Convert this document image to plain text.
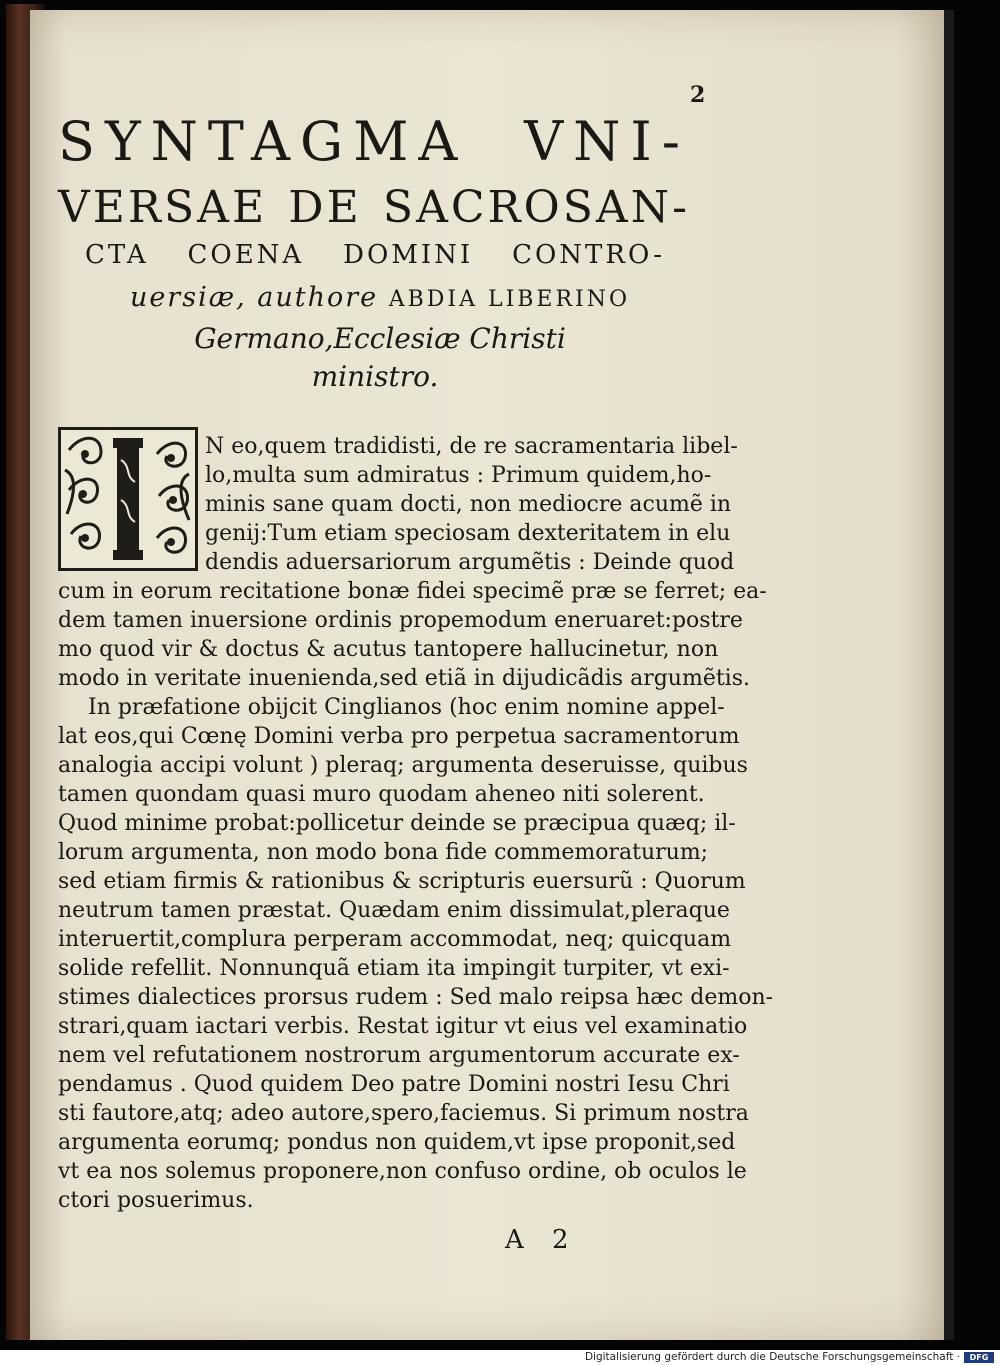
2
SYNTAGMA VNI-
VERSAE DE SACROSAN-
CTA COENA DOMINI CONTRO-
uersiæ, authore ABDIA LIBERINO
Germano,Ecclesiæ Christi
ministro.
N eo,quem tradidisti, de re sacramentaria libel-
lo,multa sum admiratus : Primum quidem,ho-
minis sane quam docti, non mediocre acumẽ in
genij:Tum etiam speciosam dexteritatem in elu
dendis aduersariorum argumẽtis : Deinde quod
cum in eorum recitatione bonæ fidei specimẽ præ se ferret; ea-
dem tamen inuersione ordinis propemodum eneruaret:postre
mo quod vir & doctus & acutus tantopere hallucinetur, non
modo in veritate inuenienda,sed etiã in dijudicãdis argumẽtis.
In præfatione obijcit Cinglianos (hoc enim nomine appel-
lat eos,qui Cœnę Domini verba pro perpetua sacramentorum
analogia accipi volunt ) pleraq; argumenta deseruisse, quibus
tamen quondam quasi muro quodam aheneo niti solerent.
Quod minime probat:pollicetur deinde se præcipua quæq; il-
lorum argumenta, non modo bona fide commemoraturum;
sed etiam firmis & rationibus & scripturis euersurũ : Quorum
neutrum tamen præstat. Quædam enim dissimulat,pleraque
interuertit,complura perperam accommodat, neq; quicquam
solide refellit. Nonnunquã etiam ita impingit turpiter, vt exi-
stimes dialectices prorsus rudem : Sed malo reipsa hæc demon-
strari,quam iactari verbis. Restat igitur vt eius vel examinatio
nem vel refutationem nostrorum argumentorum accurate ex-
pendamus . Quod quidem Deo patre Domini nostri Iesu Chri
sti fautore,atq; adeo autore,spero,faciemus. Si primum nostra
argumenta eorumq; pondus non quidem,vt ipse proponit,sed
vt ea nos solemus proponere,non confuso ordine, ob oculos le
ctori posuerimus.
A 2
Digitalisierung gefördert durch die Deutsche Forschungsgemeinschaft ·	DFG
